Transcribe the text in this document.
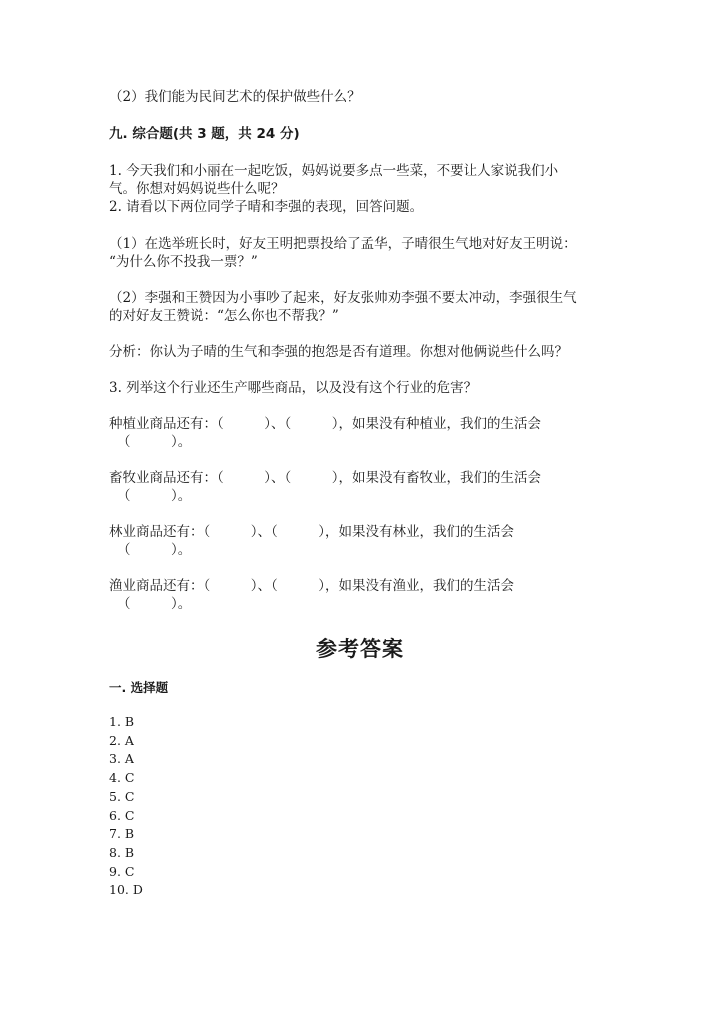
（2）我们能为民间艺术的保护做些什么？
九. 综合题(共 3 题，共 24 分)
1. 今天我们和小丽在一起吃饭，妈妈说要多点一些菜，不要让人家说我们小
气。你想对妈妈说些什么呢？
2. 请看以下两位同学子晴和李强的表现，回答问题。
（1）在选举班长时，好友王明把票投给了孟华，子晴很生气地对好友王明说：
“为什么你不投我一票？”
（2）李强和王赞因为小事吵了起来，好友张帅劝李强不要太冲动，李强很生气
的对好友王赞说：“怎么你也不帮我？”
分析：你认为子晴的生气和李强的抱怨是否有道理。你想对他俩说些什么吗？
3. 列举这个行业还生产哪些商品，以及没有这个行业的危害？
种植业商品还有：（　　　）、（　　　），如果没有种植业，我们的生活会
（　　　）。
畜牧业商品还有：（　　　）、（　　　），如果没有畜牧业，我们的生活会
（　　　）。
林业商品还有：（　　　）、（　　　），如果没有林业，我们的生活会
（　　　）。
渔业商品还有：（　　　）、（　　　），如果没有渔业，我们的生活会
（　　　）。
参考答案
一. 选择题
1. B
2. A
3. A
4. C
5. C
6. C
7. B
8. B
9. C
10. D
